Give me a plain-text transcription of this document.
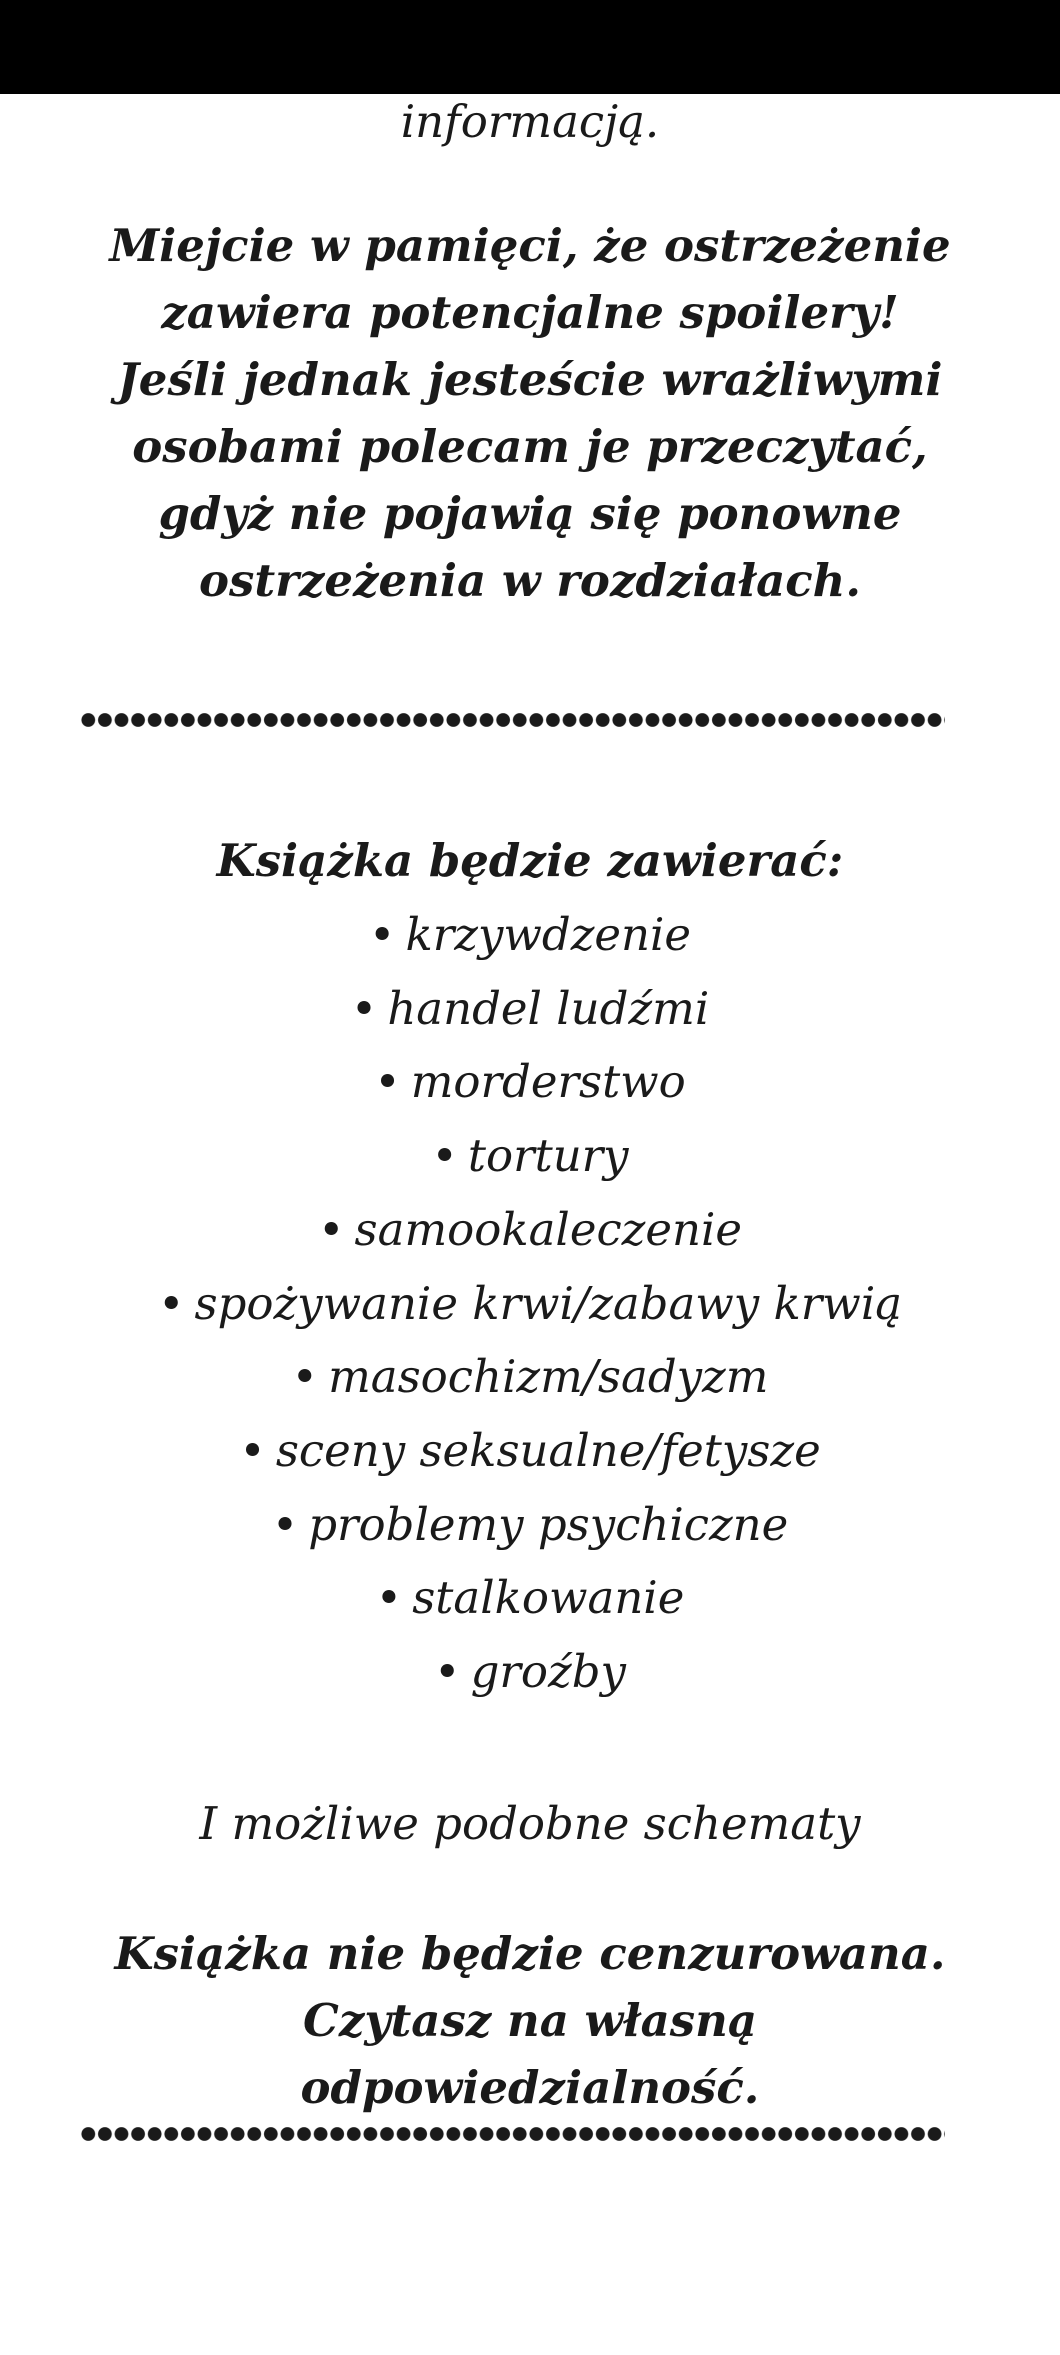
informacją.
Miejcie w pamięci, że ostrzeżenie
zawiera potencjalne spoilery!
Jeśli jednak jesteście wrażliwymi
osobami polecam je przeczytać,
gdyż nie pojawią się ponowne
ostrzeżenia w rozdziałach.
Książka będzie zawierać:
• krzywdzenie
• handel ludźmi
• morderstwo
• tortury
• samookaleczenie
• spożywanie krwi/zabawy krwią
• masochizm/sadyzm
• sceny seksualne/fetysze
• problemy psychiczne
• stalkowanie
• groźby
I możliwe podobne schematy
Książka nie będzie cenzurowana.
Czytasz na własną
odpowiedzialność.
